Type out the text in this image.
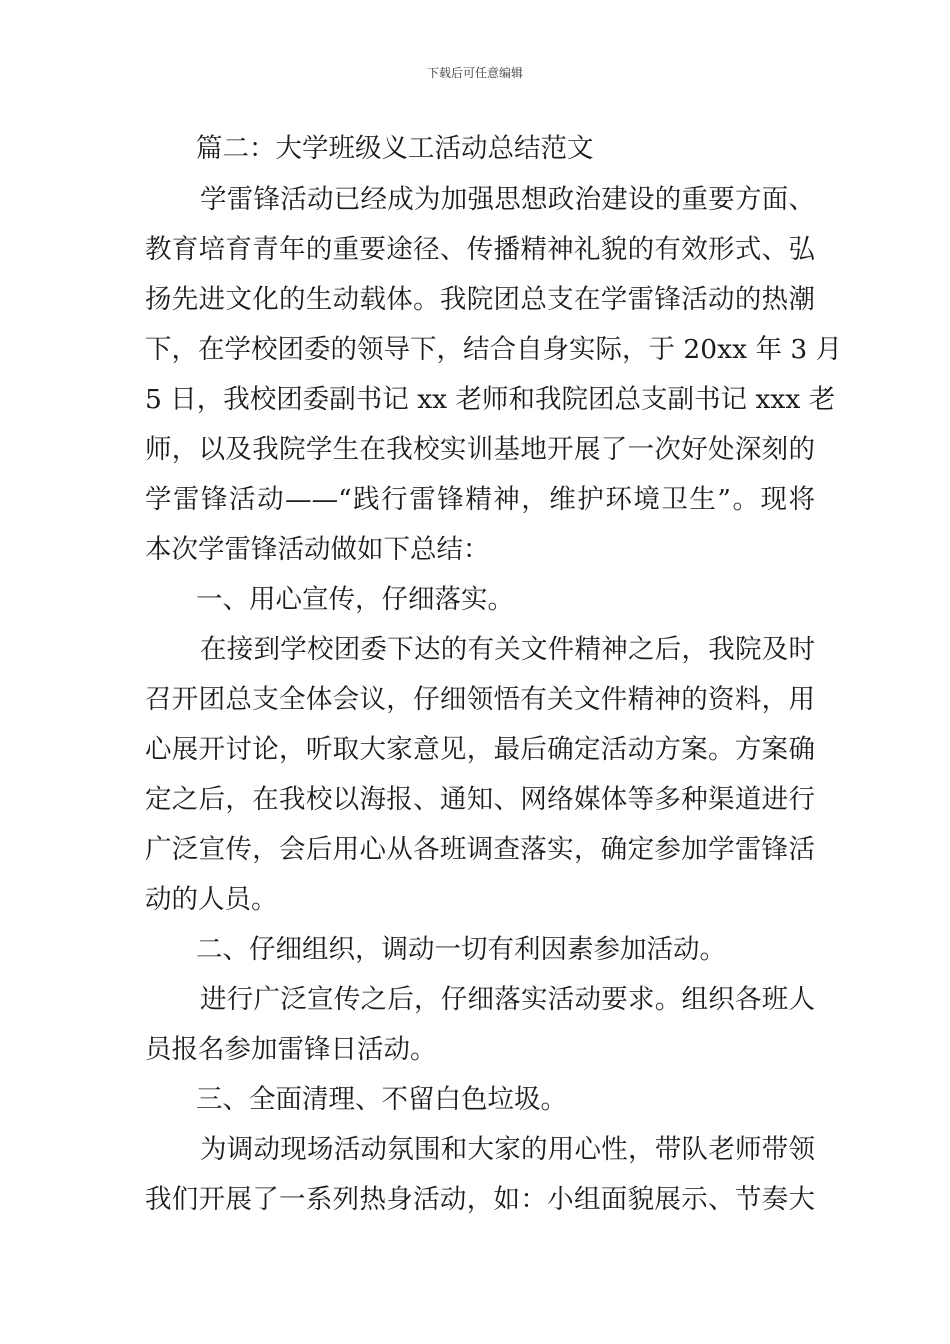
下载后可任意编辑
篇二：大学班级义工活动总结范文
学雷锋活动已经成为加强思想政治建设的重要方面、
教育培育青年的重要途径、传播精神礼貌的有效形式、弘
扬先进文化的生动载体。我院团总支在学雷锋活动的热潮
下，在学校团委的领导下，结合自身实际，于 20xx 年 3 月
5 日，我校团委副书记 xx 老师和我院团总支副书记 xxx 老
师，以及我院学生在我校实训基地开展了一次好处深刻的
学雷锋活动——“践行雷锋精神，维护环境卫生”。现将
本次学雷锋活动做如下总结：
一、用心宣传，仔细落实。
在接到学校团委下达的有关文件精神之后，我院及时
召开团总支全体会议，仔细领悟有关文件精神的资料，用
心展开讨论，听取大家意见，最后确定活动方案。方案确
定之后，在我校以海报、通知、网络媒体等多种渠道进行
广泛宣传，会后用心从各班调查落实，确定参加学雷锋活
动的人员。
二、仔细组织，调动一切有利因素参加活动。
进行广泛宣传之后，仔细落实活动要求。组织各班人
员报名参加雷锋日活动。
三、全面清理、不留白色垃圾。
为调动现场活动氛围和大家的用心性，带队老师带领
我们开展了一系列热身活动，如：小组面貌展示、节奏大
